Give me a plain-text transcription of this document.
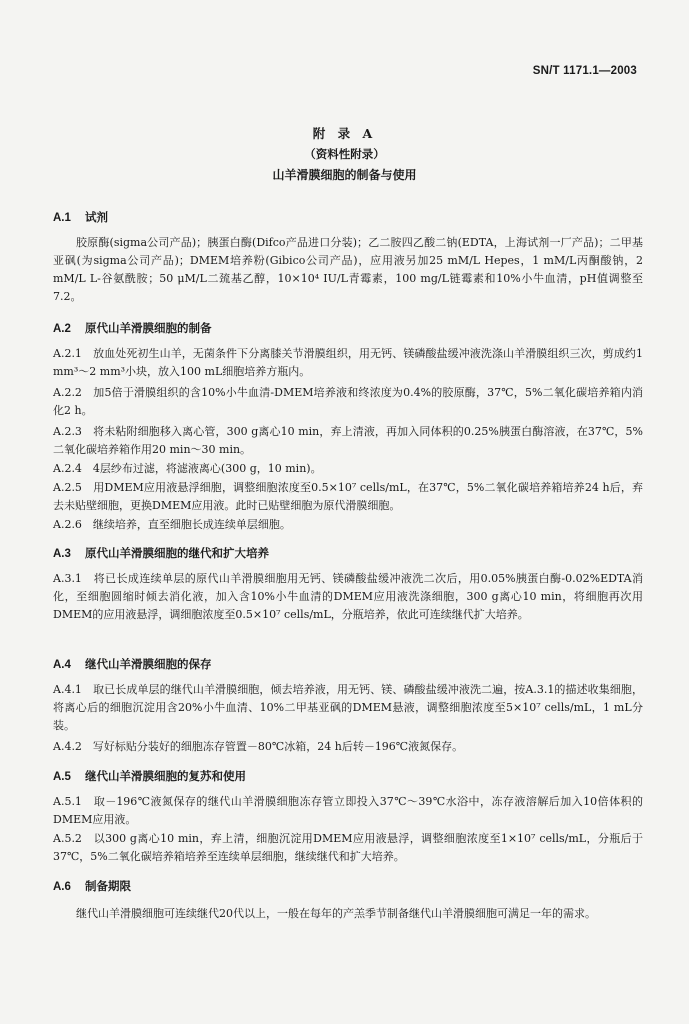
SN/T 1171.1—2003
附 录 A
（资料性附录）
山羊滑膜细胞的制备与使用
A.1 试剂
胶原酶(sigma公司产品)；胰蛋白酶(Difco产品进口分装)；乙二胺四乙酸二钠(EDTA，上海试剂一厂产品)；二甲基亚砜(为sigma公司产品)；DMEM培养粉(Gibico公司产品)，应用液另加25 mM/L Hepes，1 mM/L丙酮酸钠，2 mM/L L-谷氨酰胺；50 μM/L二巯基乙醇，10×10⁴ IU/L青霉素，100 mg/L链霉素和10%小牛血清，pH值调整至7.2。
A.2 原代山羊滑膜细胞的制备
A.2.1　放血处死初生山羊，无菌条件下分离膝关节滑膜组织，用无钙、镁磷酸盐缓冲液洗涤山羊滑膜组织三次，剪成约1 mm³～2 mm³小块，放入100 mL细胞培养方瓶内。
A.2.2　加5倍于滑膜组织的含10%小牛血清-DMEM培养液和终浓度为0.4%的胶原酶，37℃，5%二氧化碳培养箱内消化2 h。
A.2.3　将未粘附细胞移入离心管，300 g离心10 min，弃上清液，再加入同体积的0.25%胰蛋白酶溶液，在37℃，5%二氧化碳培养箱作用20 min～30 min。
A.2.4　4层纱布过滤，将滤液离心(300 g，10 min)。
A.2.5　用DMEM应用液悬浮细胞，调整细胞浓度至0.5×10⁷ cells/mL，在37℃，5%二氧化碳培养箱培养24 h后，弃去未贴壁细胞，更换DMEM应用液。此时已贴壁细胞为原代滑膜细胞。
A.2.6　继续培养，直至细胞长成连续单层细胞。
A.3 原代山羊滑膜细胞的继代和扩大培养
A.3.1　将已长成连续单层的原代山羊滑膜细胞用无钙、镁磷酸盐缓冲液洗二次后，用0.05%胰蛋白酶-0.02%EDTA消化，至细胞圆缩时倾去消化液，加入含10%小牛血清的DMEM应用液洗涤细胞，300 g离心10 min，将细胞再次用DMEM的应用液悬浮，调细胞浓度至0.5×10⁷ cells/mL，分瓶培养，依此可连续继代扩大培养。
A.4 继代山羊滑膜细胞的保存
A.4.1　取已长成单层的继代山羊滑膜细胞，倾去培养液，用无钙、镁、磷酸盐缓冲液洗二遍，按A.3.1的描述收集细胞，将离心后的细胞沉淀用含20%小牛血清、10%二甲基亚砜的DMEM悬液，调整细胞浓度至5×10⁷ cells/mL，1 mL分装。
A.4.2　写好标贴分装好的细胞冻存管置－80℃冰箱，24 h后转－196℃液氮保存。
A.5 继代山羊滑膜细胞的复苏和使用
A.5.1　取－196℃液氮保存的继代山羊滑膜细胞冻存管立即投入37℃～39℃水浴中，冻存液溶解后加入10倍体积的DMEM应用液。
A.5.2　以300 g离心10 min，弃上清，细胞沉淀用DMEM应用液悬浮，调整细胞浓度至1×10⁷ cells/mL，分瓶后于37℃，5%二氧化碳培养箱培养至连续单层细胞，继续继代和扩大培养。
A.6 制备期限
继代山羊滑膜细胞可连续继代20代以上，一般在每年的产羔季节制备继代山羊滑膜细胞可满足一年的需求。
